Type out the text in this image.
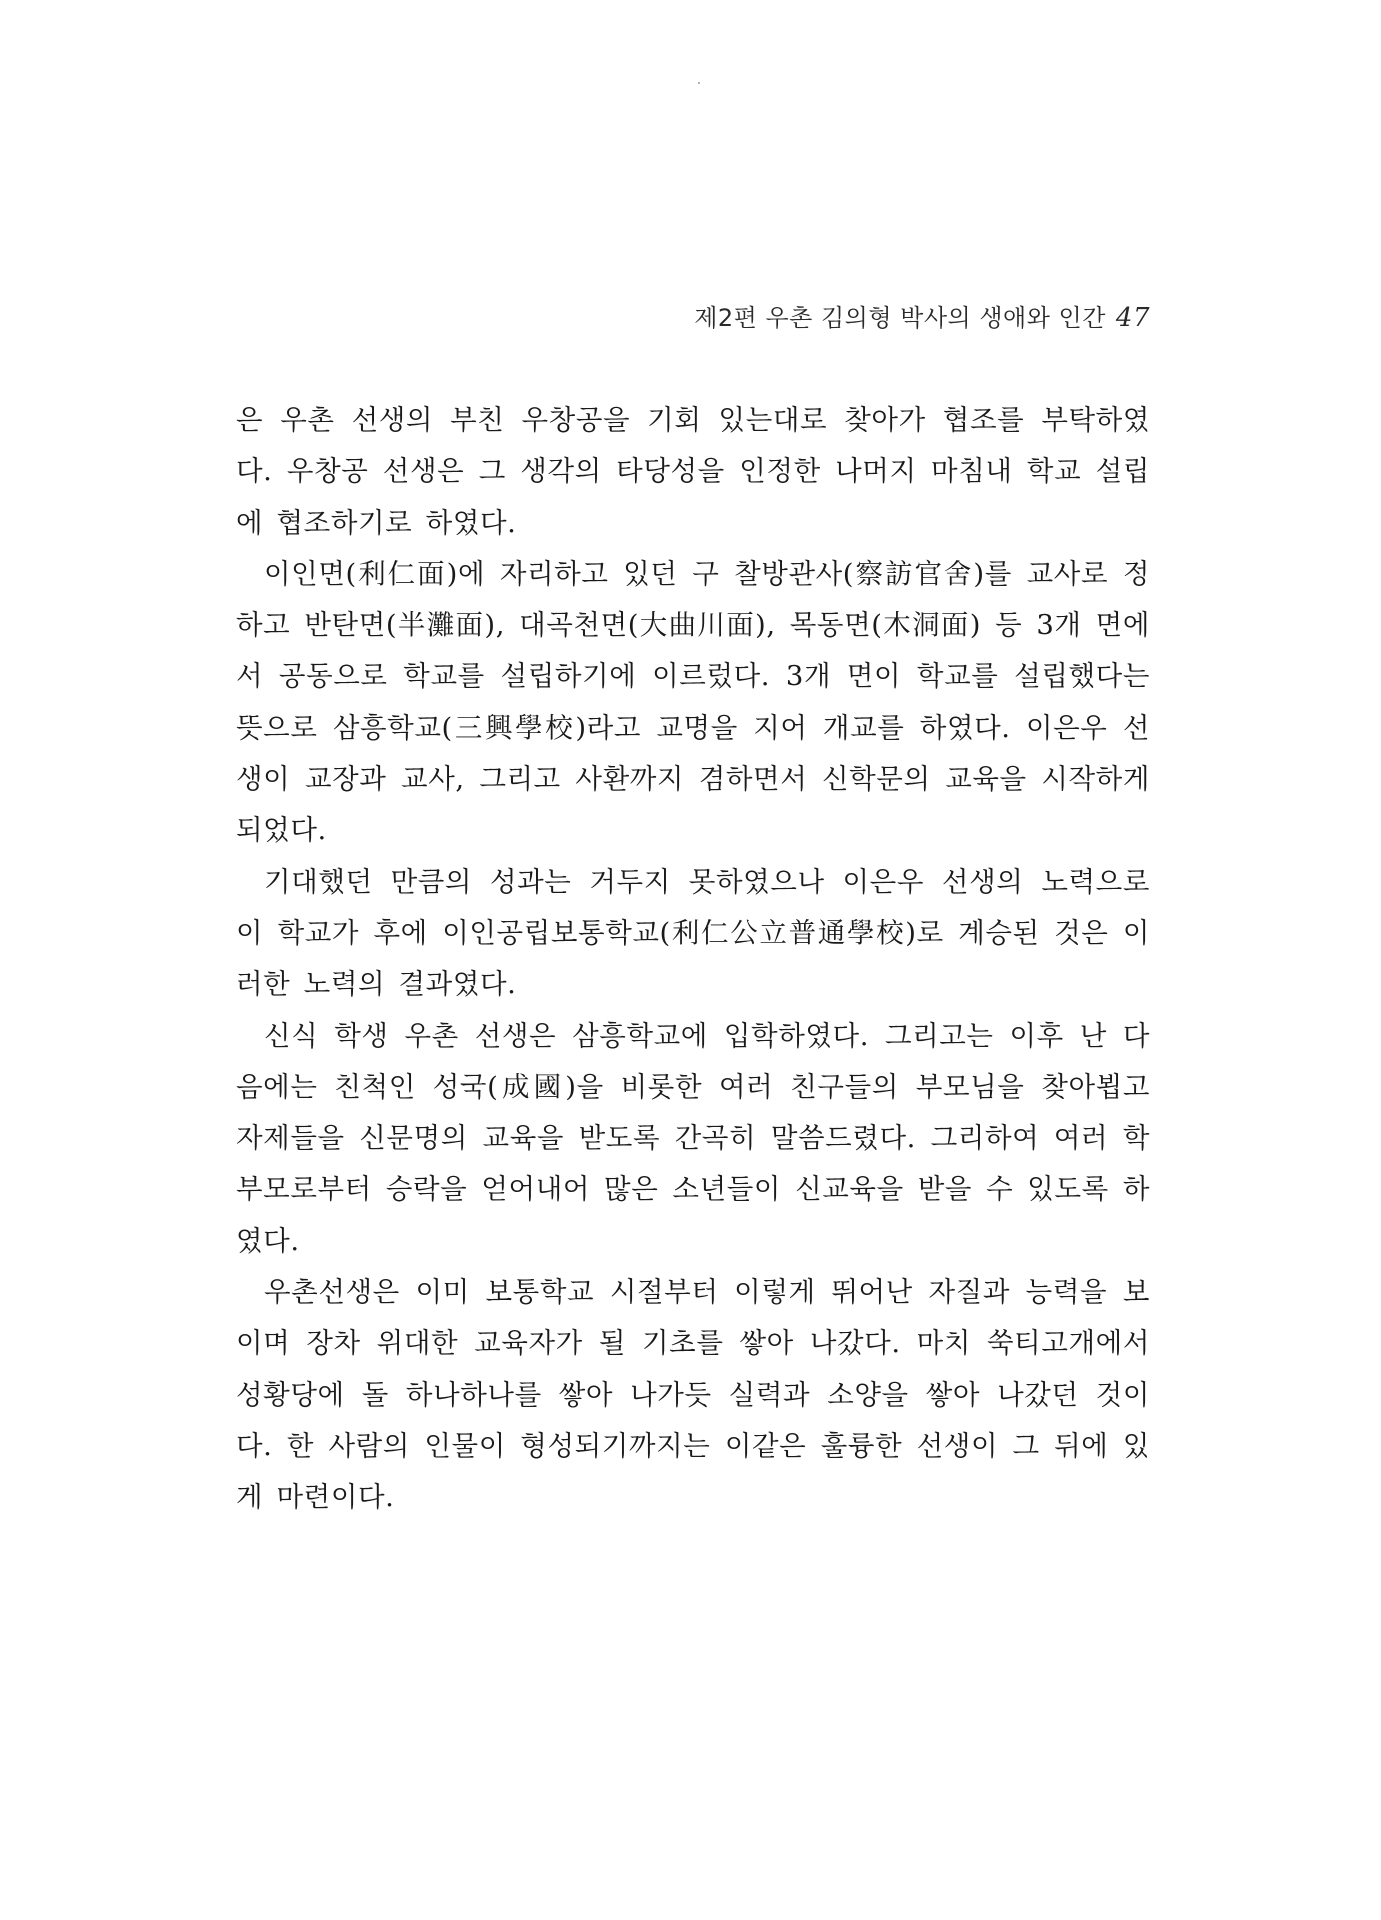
제2편 우촌 김의형 박사의 생애와 인간 47

은 우촌 선생의 부친 우창공을 기회 있는대로 찾아가 협조를 부탁하였다. 우창공 선생은 그 생각의 타당성을 인정한 나머지 마침내 학교 설립에 협조하기로 하였다.

이인면(利仁面)에 자리하고 있던 구 찰방관사(察訪官舍)를 교사로 정하고 반탄면(半灘面), 대곡천면(大曲川面), 목동면(木洞面) 등 3개 면에서 공동으로 학교를 설립하기에 이르렀다. 3개 면이 학교를 설립했다는 뜻으로 삼흥학교(三興學校)라고 교명을 지어 개교를 하였다. 이은우 선생이 교장과 교사, 그리고 사환까지 겸하면서 신학문의 교육을 시작하게 되었다.

기대했던 만큼의 성과는 거두지 못하였으나 이은우 선생의 노력으로 이 학교가 후에 이인공립보통학교(利仁公立普通學校)로 계승된 것은 이러한 노력의 결과였다.

신식 학생 우촌 선생은 삼흥학교에 입학하였다. 그리고는 이후 난 다음에는 친척인 성국(成國)을 비롯한 여러 친구들의 부모님을 찾아뵙고 자제들을 신문명의 교육을 받도록 간곡히 말씀드렸다. 그리하여 여러 학부모로부터 승락을 얻어내어 많은 소년들이 신교육을 받을 수 있도록 하였다.

우촌선생은 이미 보통학교 시절부터 이렇게 뛰어난 자질과 능력을 보이며 장차 위대한 교육자가 될 기초를 쌓아 나갔다. 마치 쑥티고개에서 성황당에 돌 하나하나를 쌓아 나가듯 실력과 소양을 쌓아 나갔던 것이다. 한 사람의 인물이 형성되기까지는 이같은 훌륭한 선생이 그 뒤에 있게 마련이다.
